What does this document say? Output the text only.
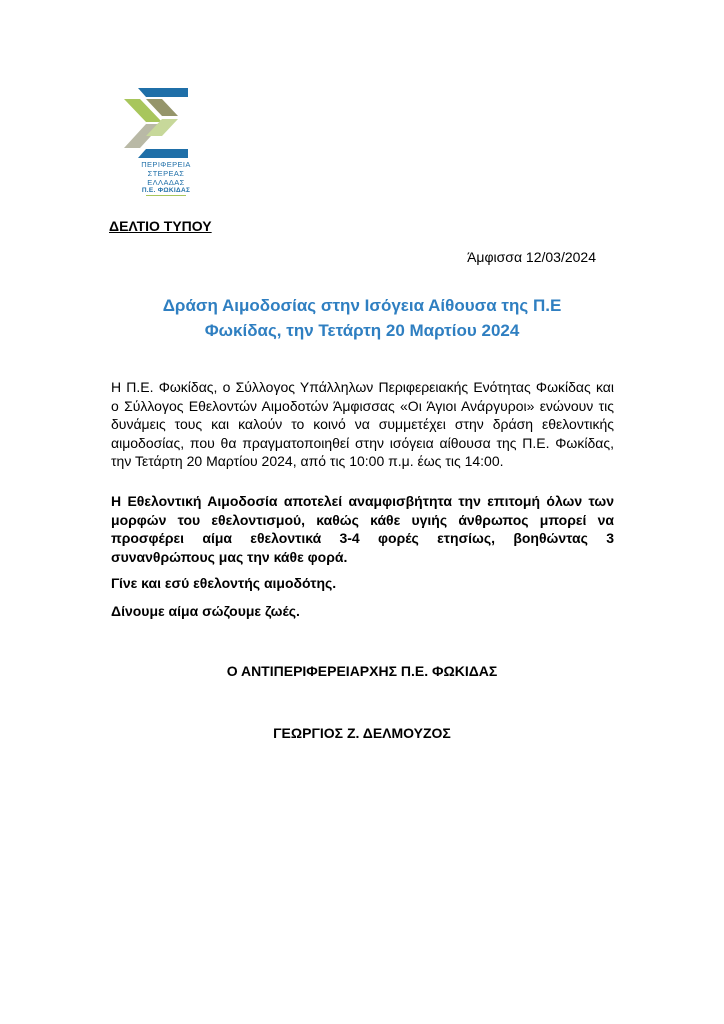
ΠΕΡΙΦΕΡΕΙΑ
ΣΤΕΡΕΑΣ
ΕΛΛΑΔΑΣ
Π.Ε. ΦΩΚΙΔΑΣ
ΔΕΛΤΙΟ ΤΥΠΟΥ
Άμφισσα 12/03/2024
Δράση Αιμοδοσίας στην Ισόγεια Αίθουσα της Π.Ε
Φωκίδας, την Τετάρτη 20 Μαρτίου 2024
Η Π.Ε. Φωκίδας, ο Σύλλογος Υπάλληλων Περιφερειακής Ενότητας Φωκίδας και ο Σύλλογος Εθελοντών Αιμοδοτών Άμφισσας «Οι Άγιοι Ανάργυροι» ενώνουν τις δυνάμεις τους και καλούν το κοινό να συμμετέχει στην δράση εθελοντικής αιμοδοσίας, που θα πραγματοποιηθεί στην ισόγεια αίθουσα της Π.Ε. Φωκίδας, την Τετάρτη 20 Μαρτίου 2024, από τις 10:00 π.μ. έως τις 14:00.
Η Εθελοντική Αιμοδοσία αποτελεί αναμφισβήτητα την επιτομή όλων των μορφών του εθελοντισμού, καθώς κάθε υγιής άνθρωπος μπορεί να προσφέρει αίμα εθελοντικά 3-4 φορές ετησίως, βοηθώντας 3 συνανθρώπους μας την κάθε φορά.
Γίνε και εσύ εθελοντής αιμοδότης.
Δίνουμε αίμα σώζουμε ζωές.
Ο ΑΝΤΙΠΕΡΙΦΕΡΕΙΑΡΧΗΣ Π.Ε. ΦΩΚΙΔΑΣ
ΓΕΩΡΓΙΟΣ Ζ. ΔΕΛΜΟΥΖΟΣ
